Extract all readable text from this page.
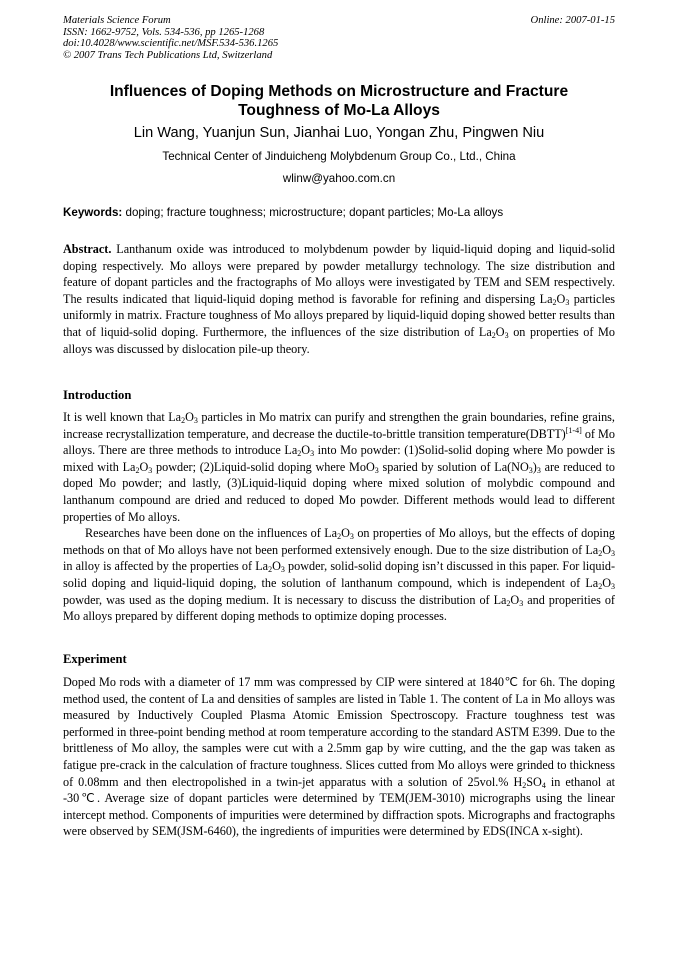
Materials Science Forum
ISSN: 1662-9752, Vols. 534-536, pp 1265-1268
doi:10.4028/www.scientific.net/MSF.534-536.1265
© 2007 Trans Tech Publications Ltd, Switzerland
Online: 2007-01-15
Influences of Doping Methods on Microstructure and Fracture
Toughness of Mo-La Alloys
Lin Wang, Yuanjun Sun, Jianhai Luo, Yongan Zhu, Pingwen Niu
Technical Center of Jinduicheng Molybdenum Group Co., Ltd., China
wlinw@yahoo.com.cn
Keywords: doping; fracture toughness; microstructure; dopant particles; Mo-La alloys

Abstract. Lanthanum oxide was introduced to molybdenum powder by liquid-liquid doping and liquid-solid doping respectively. Mo alloys were prepared by powder metallurgy technology. The size distribution and feature of dopant particles and the fractographs of Mo alloys were investigated by TEM and SEM respectively. The results indicated that liquid-liquid doping method is favorable for refining and dispersing $La_2O_3$ particles uniformly in matrix. Fracture toughness of Mo alloys prepared by liquid-liquid doping showed better results than that of liquid-solid doping. Furthermore, the influences of the size distribution of $La_2O_3$ on properties of Mo alloys was discussed by dislocation pile-up theory.

Introduction

It is well known that $La_2O_3$ particles in Mo matrix can purify and strengthen the grain boundaries, refine grains, increase recrystallization temperature, and decrease the ductile-to-brittle transition temperature(DBTT)[1-4] of Mo alloys. There are three methods to introduce $La_2O_3$ into Mo powder: (1)Solid-solid doping where Mo powder is mixed with $La_2O_3$ powder; (2)Liquid-solid doping where MoO$_3$ sparied by solution of $La(NO_3)_3$ are reduced to doped Mo powder; and lastly, (3)Liquid-liquid doping where mixed solution of molybdic compound and lanthanum compound are dried and reduced to doped Mo powder. Different methods would lead to different properties of Mo alloys.

Researches have been done on the influences of $La_2O_3$ on properties of Mo alloys, but the effects of doping methods on that of Mo alloys have not been performed extensively enough. Due to the size distribution of $La_2O_3$ in alloy is affected by the properties of $La_2O_3$ powder, solid-solid doping isn’t discussed in this paper. For liquid-solid doping and liquid-liquid doping, the solution of lanthanum compound, which is independent of $La_2O_3$ powder, was used as the doping medium. It is necessary to discuss the distribution of $La_2O_3$ and properities of Mo alloys prepared by different doping methods to optimize doping processes.

Experiment

Doped Mo rods with a diameter of 17 mm was compressed by CIP were sintered at 1840℃ for 6h. The doping method used, the content of La and densities of samples are listed in Table 1. The content of La in Mo alloys was measured by Inductively Coupled Plasma Atomic Emission Spectroscopy. Fracture toughness test was performed in three-point bending method at room temperature according to the standard ASTM E399. Due to the brittleness of Mo alloy, the samples were cut with a 2.5mm gap by wire cutting, and the the gap was taken as fatigue pre-crack in the calculation of fracture toughness. Slices cutted from Mo alloys were grinded to thickness of 0.08mm and then electropolished in a twin-jet apparatus with a solution of 25vol.% $H_2SO_4$ in ethanol at -30℃. Average size of dopant particles were determined by TEM(JEM-3010) micrographs using the linear intercept method. Components of impurities were determined by diffraction spots. Micrographs and fractographs were observed by SEM(JSM-6460), the ingredients of impurities were determined by EDS(INCA x-sight).
